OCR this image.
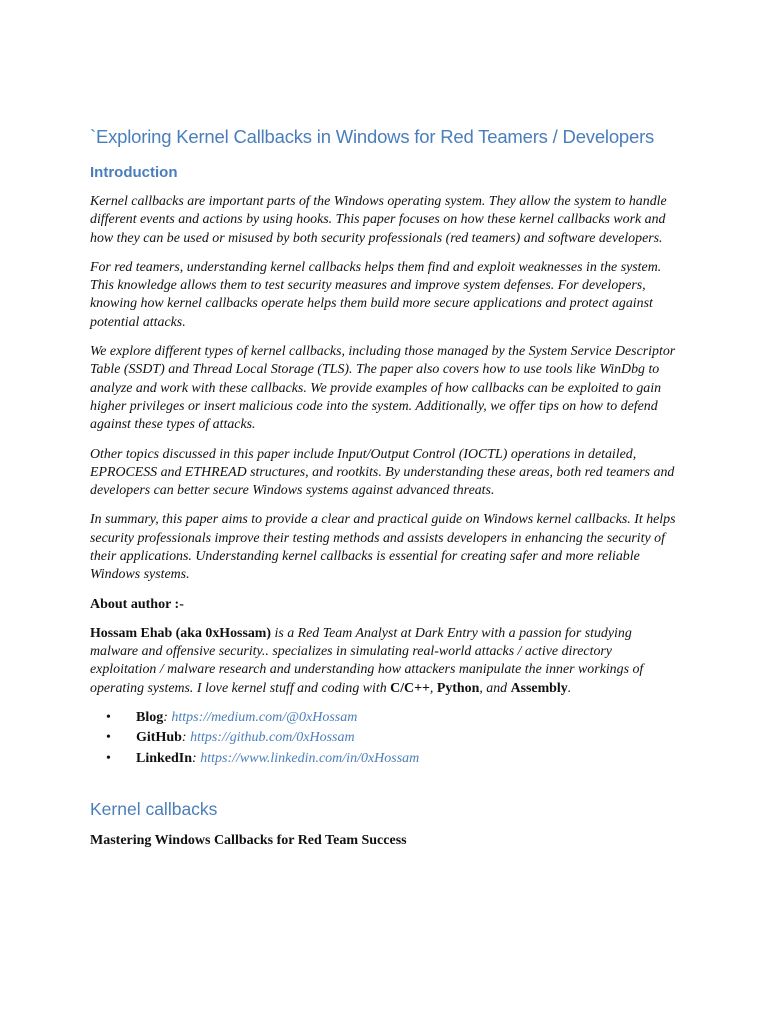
`Exploring Kernel Callbacks in Windows for Red Teamers / Developers
Introduction

Kernel callbacks are important parts of the Windows operating system. They allow the system to handle different events and actions by using hooks. This paper focuses on how these kernel callbacks work and how they can be used or misused by both security professionals (red teamers) and software developers.

For red teamers, understanding kernel callbacks helps them find and exploit weaknesses in the system. This knowledge allows them to test security measures and improve system defenses. For developers, knowing how kernel callbacks operate helps them build more secure applications and protect against potential attacks.

We explore different types of kernel callbacks, including those managed by the System Service Descriptor Table (SSDT) and Thread Local Storage (TLS). The paper also covers how to use tools like WinDbg to analyze and work with these callbacks. We provide examples of how callbacks can be exploited to gain higher privileges or insert malicious code into the system. Additionally, we offer tips on how to defend against these types of attacks.

Other topics discussed in this paper include Input/Output Control (IOCTL) operations in detailed, EPROCESS and ETHREAD structures, and rootkits. By understanding these areas, both red teamers and developers can better secure Windows systems against advanced threats.

In summary, this paper aims to provide a clear and practical guide on Windows kernel callbacks. It helps security professionals improve their testing methods and assists developers in enhancing the security of their applications. Understanding kernel callbacks is essential for creating safer and more reliable Windows systems.

About author :-

Hossam Ehab (aka 0xHossam) is a Red Team Analyst at Dark Entry with a passion for studying malware and offensive security.. specializes in simulating real-world attacks / active directory exploitation / malware research and understanding how attackers manipulate the inner workings of operating systems. I love kernel stuff and coding with C/C++, Python, and Assembly.

• Blog: https://medium.com/@0xHossam
• GitHub: https://github.com/0xHossam
• LinkedIn: https://www.linkedin.com/in/0xHossam
Kernel callbacks
Mastering Windows Callbacks for Red Team Success
